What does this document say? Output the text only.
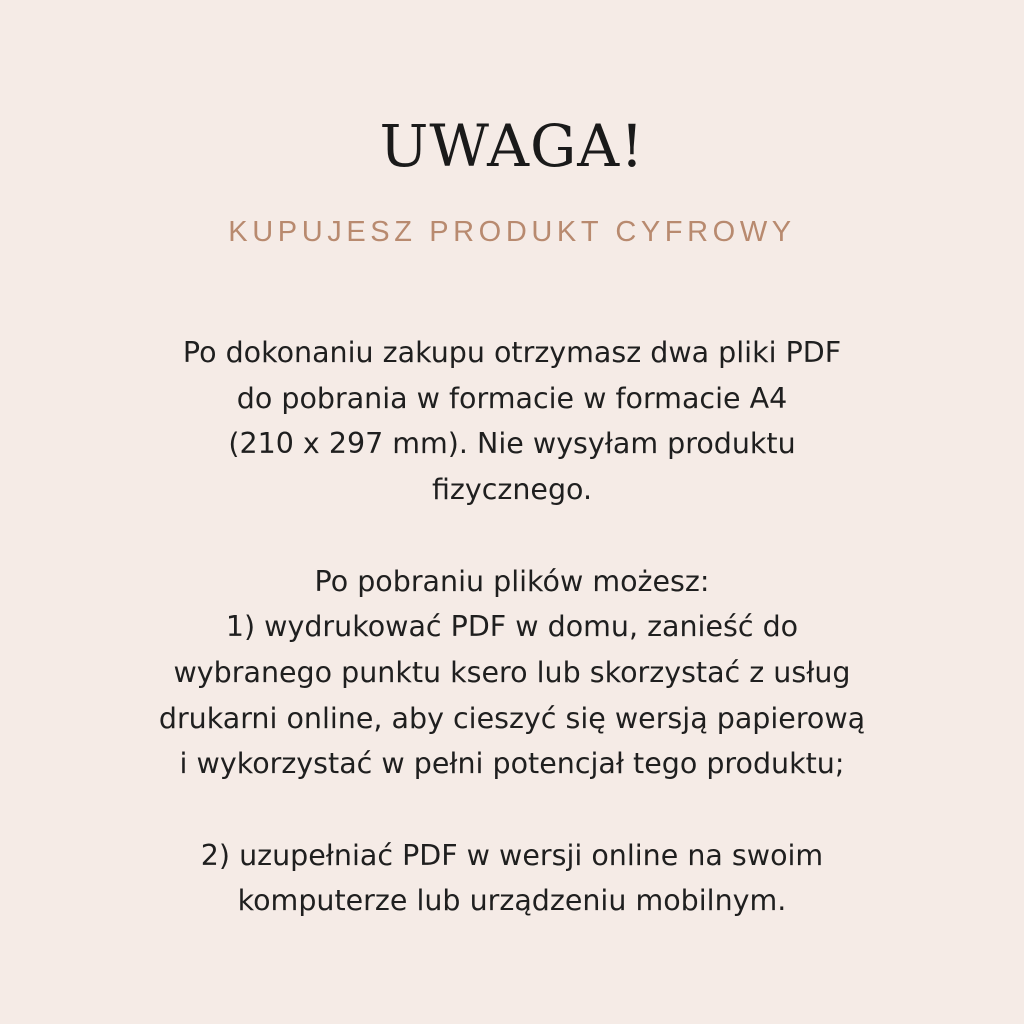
UWAGA!
KUPUJESZ PRODUKT CYFROWY
Po dokonaniu zakupu otrzymasz dwa pliki PDF
do pobrania w formacie w formacie A4
(210 x 297 mm). Nie wysyłam produktu
fizycznego.
Po pobraniu plików możesz:
1) wydrukować PDF w domu, zanieść do
wybranego punktu ksero lub skorzystać z usług
drukarni online, aby cieszyć się wersją papierową
i wykorzystać w pełni potencjał tego produktu;
2) uzupełniać PDF w wersji online na swoim
komputerze lub urządzeniu mobilnym.
